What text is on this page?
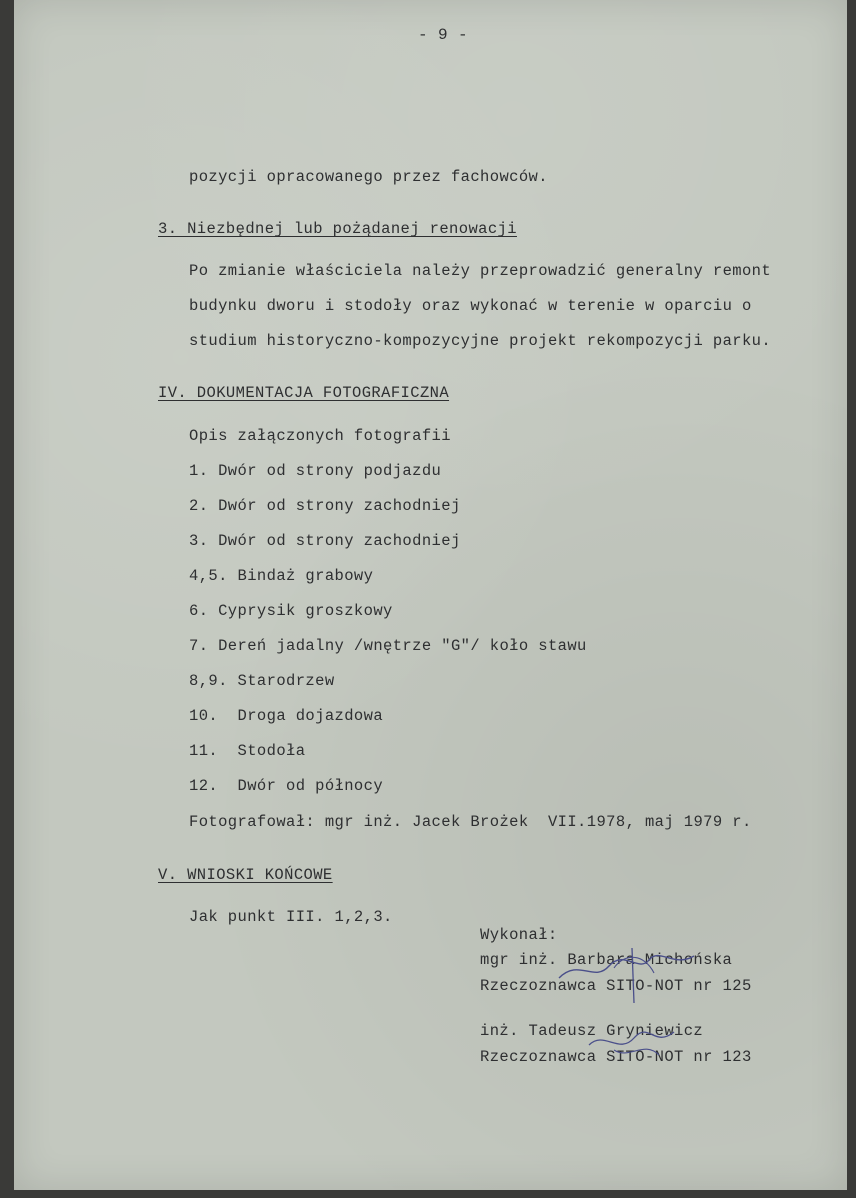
- 9 -
pozycji opracowanego przez fachowców.
3. Niezbędnej lub pożądanej renowacji
Po zmianie właściciela należy przeprowadzić generalny remont
budynku dworu i stodoły oraz wykonać w terenie w oparciu o
studium historyczno-kompozycyjne projekt rekompozycji parku.
IV. DOKUMENTACJA FOTOGRAFICZNA
Opis załączonych fotografii
1. Dwór od strony podjazdu
2. Dwór od strony zachodniej
3. Dwór od strony zachodniej
4,5. Bindaż grabowy
6. Cyprysik groszkowy
7. Dereń jadalny /wnętrze "G"/ koło stawu
8,9. Starodrzew
10.  Droga dojazdowa
11.  Stodoła
12.  Dwór od północy
Fotografował: mgr inż. Jacek Brożek  VII.1978, maj 1979 r.
V. WNIOSKI KOŃCOWE
Jak punkt III. 1,2,3.
Wykonał:
mgr inż. Barbara Michońska
Rzeczoznawca SITO-NOT nr 125
inż. Tadeusz Gryniewicz
Rzeczoznawca SITO-NOT nr 123
